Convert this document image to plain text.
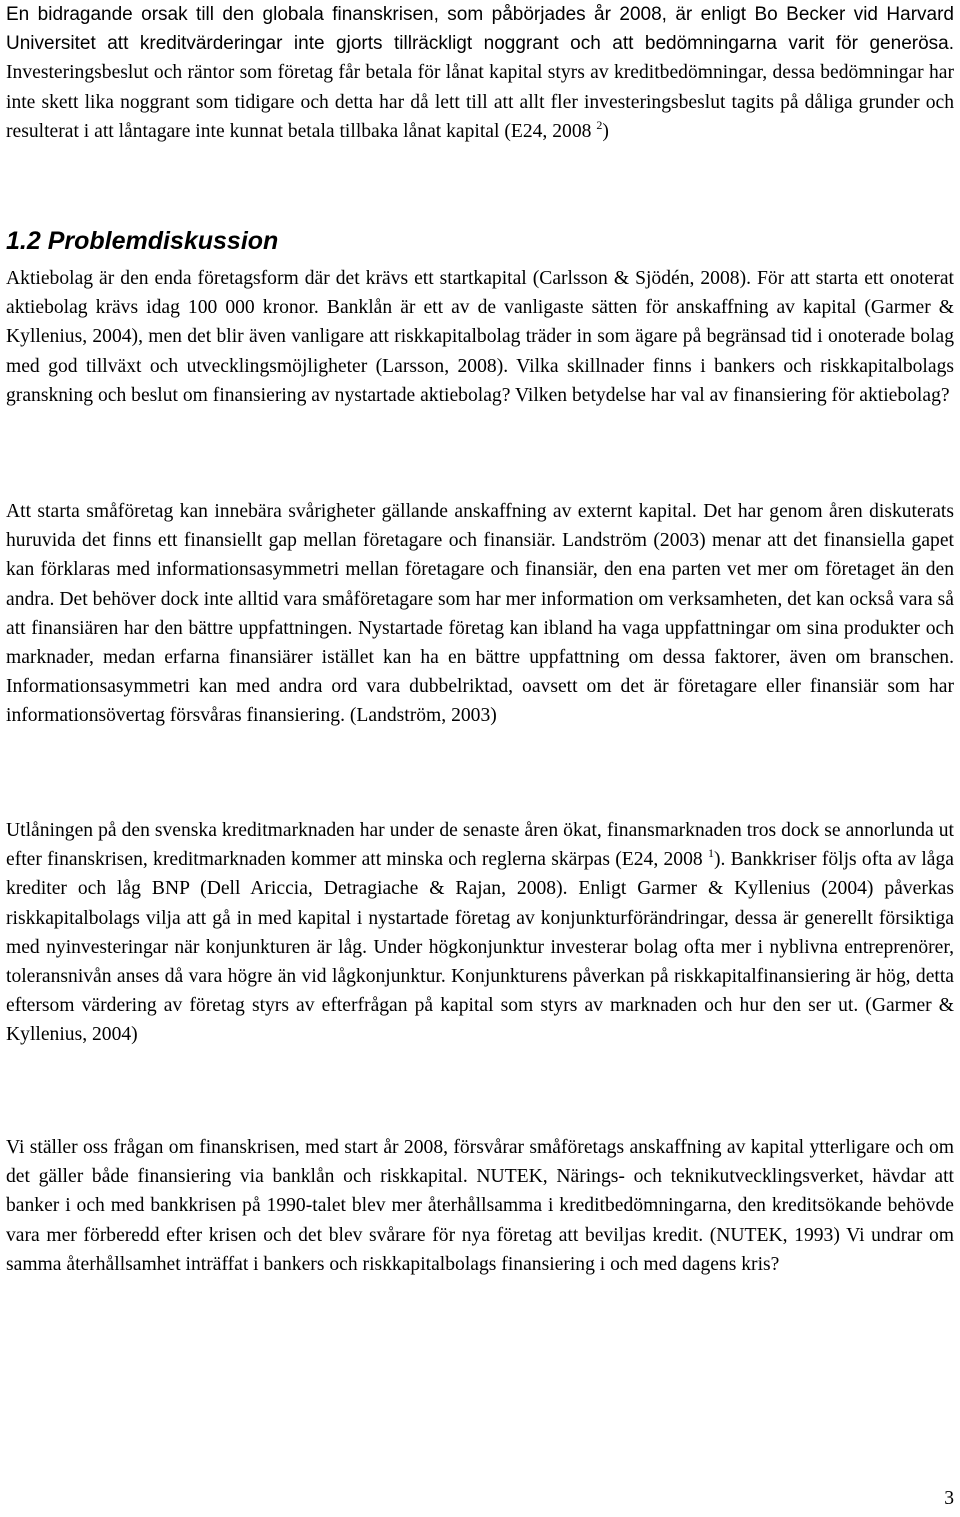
En bidragande orsak till den globala finanskrisen, som påbörjades år 2008, är enligt Bo Becker vid Harvard Universitet att kreditvärderingar inte gjorts tillräckligt noggrant och att bedömningarna varit för generösa. Investeringsbeslut och räntor som företag får betala för lånat kapital styrs av kreditbedömningar, dessa bedömningar har inte skett lika noggrant som tidigare och detta har då lett till att allt fler investeringsbeslut tagits på dåliga grunder och resulterat i att låntagare inte kunnat betala tillbaka lånat kapital (E24, 2008 $^2$)

1.2 Problemdiskussion

Aktiebolag är den enda företagsform där det krävs ett startkapital (Carlsson & Sjödén, 2008). För att starta ett onoterat aktiebolag krävs idag 100 000 kronor. Banklån är ett av de vanligaste sätten för anskaffning av kapital (Garmer & Kyllenius, 2004), men det blir även vanligare att riskkapitalbolag träder in som ägare på begränsad tid i onoterade bolag med god tillväxt och utvecklingsmöjligheter (Larsson, 2008). Vilka skillnader finns i bankers och riskkapitalbolags granskning och beslut om finansiering av nystartade aktiebolag? Vilken betydelse har val av finansiering för aktiebolag?

Att starta småföretag kan innebära svårigheter gällande anskaffning av externt kapital. Det har genom åren diskuterats huruvida det finns ett finansiellt gap mellan företagare och finansiär. Landström (2003) menar att det finansiella gapet kan förklaras med informationsasymmetri mellan företagare och finansiär, den ena parten vet mer om företaget än den andra. Det behöver dock inte alltid vara småföretagare som har mer information om verksamheten, det kan också vara så att finansiären har den bättre uppfattningen. Nystartade företag kan ibland ha vaga uppfattningar om sina produkter och marknader, medan erfarna finansiärer istället kan ha en bättre uppfattning om dessa faktorer, även om branschen. Informationsasymmetri kan med andra ord vara dubbelriktad, oavsett om det är företagare eller finansiär som har informationsövertag försvåras finansiering. (Landström, 2003)

Utlåningen på den svenska kreditmarknaden har under de senaste åren ökat, finansmarknaden tros dock se annorlunda ut efter finanskrisen, kreditmarknaden kommer att minska och reglerna skärpas (E24, 2008 $^1$). Bankkriser följs ofta av låga krediter och låg BNP (Dell Ariccia, Detragiache & Rajan, 2008). Enligt Garmer & Kyllenius (2004) påverkas riskkapitalbolags vilja att gå in med kapital i nystartade företag av konjunkturförändringar, dessa är generellt försiktiga med nyinvesteringar när konjunkturen är låg. Under högkonjunktur investerar bolag ofta mer i nyblivna entreprenörer, toleransnivån anses då vara högre än vid lågkonjunktur. Konjunkturens påverkan på riskkapitalfinansiering är hög, detta eftersom värdering av företag styrs av efterfrågan på kapital som styrs av marknaden och hur den ser ut. (Garmer & Kyllenius, 2004)

Vi ställer oss frågan om finanskrisen, med start år 2008, försvårar småföretags anskaffning av kapital ytterligare och om det gäller både finansiering via banklån och riskkapital. NUTEK, Närings- och teknikutvecklingsverket, hävdar att banker i och med bankkrisen på 1990-talet blev mer återhållsamma i kreditbedömningarna, den kreditsökande behövde vara mer förberedd efter krisen och det blev svårare för nya företag att beviljas kredit. (NUTEK, 1993) Vi undrar om samma återhållsamhet inträffat i bankers och riskkapitalbolags finansiering i och med dagens kris?

3
